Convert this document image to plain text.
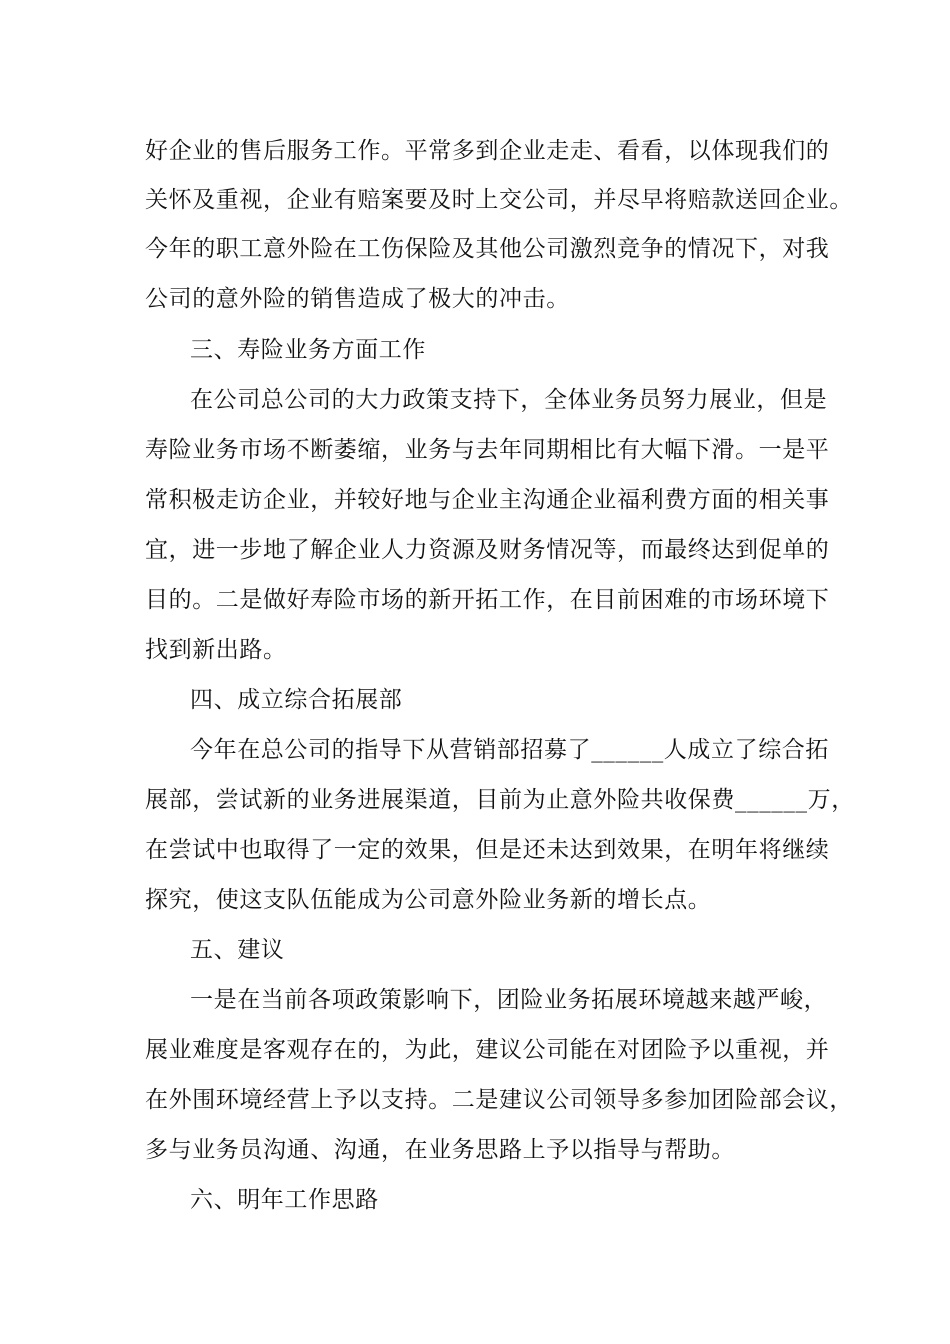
好企业的售后服务工作。平常多到企业走走、看看，以体现我们的
关怀及重视，企业有赔案要及时上交公司，并尽早将赔款送回企业。
今年的职工意外险在工伤保险及其他公司激烈竞争的情况下，对我
公司的意外险的销售造成了极大的冲击。
三、寿险业务方面工作
在公司总公司的大力政策支持下，全体业务员努力展业，但是
寿险业务市场不断萎缩，业务与去年同期相比有大幅下滑。一是平
常积极走访企业，并较好地与企业主沟通企业福利费方面的相关事
宜，进一步地了解企业人力资源及财务情况等，而最终达到促单的
目的。二是做好寿险市场的新开拓工作，在目前困难的市场环境下
找到新出路。
四、成立综合拓展部
今年在总公司的指导下从营销部招募了______人成立了综合拓
展部，尝试新的业务进展渠道，目前为止意外险共收保费______万，
在尝试中也取得了一定的效果，但是还未达到效果，在明年将继续
探究，使这支队伍能成为公司意外险业务新的增长点。
五、建议
一是在当前各项政策影响下，团险业务拓展环境越来越严峻，
展业难度是客观存在的，为此，建议公司能在对团险予以重视，并
在外围环境经营上予以支持。二是建议公司领导多参加团险部会议，
多与业务员沟通、沟通，在业务思路上予以指导与帮助。
六、明年工作思路
